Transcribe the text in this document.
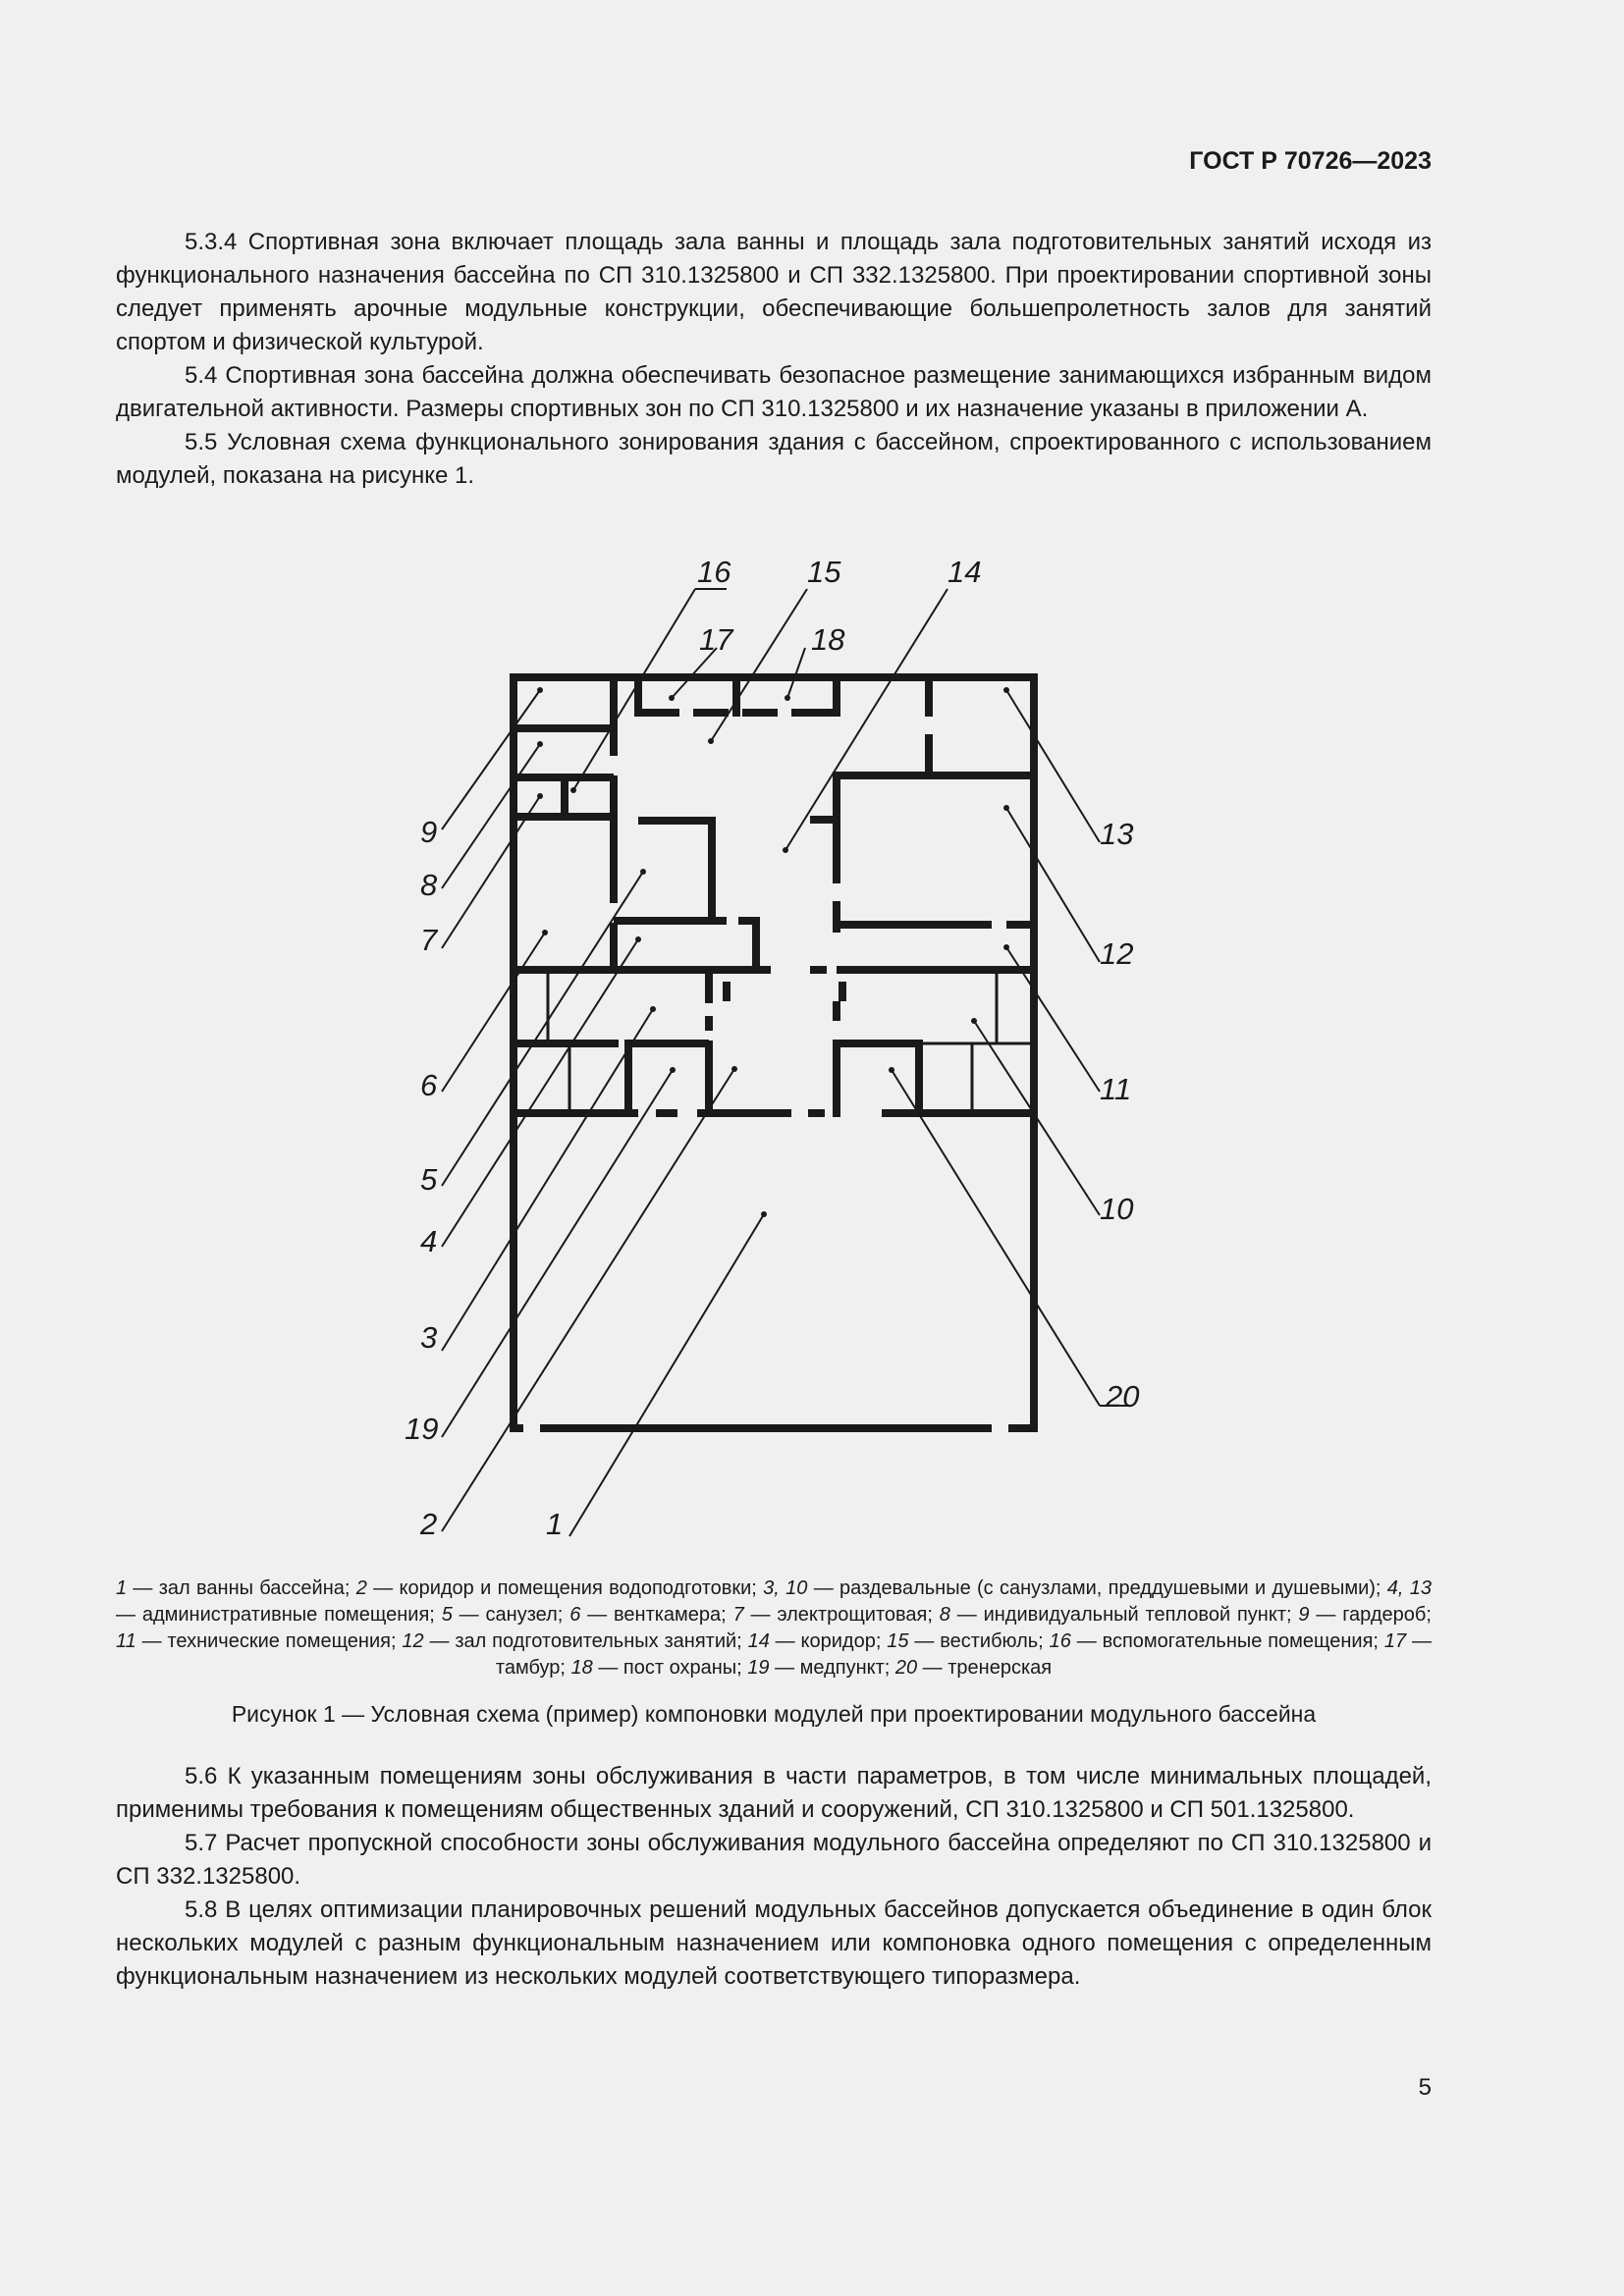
ГОСТ Р 70726—2023

5.3.4 Спортивная зона включает площадь зала ванны и площадь зала подготовительных занятий исходя из функционального назначения бассейна по СП 310.1325800 и СП 332.1325800. При проектировании спортивной зоны следует применять арочные модульные конструкции, обеспечивающие большепролетность залов для занятий спортом и физической культурой.

5.4 Спортивная зона бассейна должна обеспечивать безопасное размещение занимающихся избранным видом двигательной активности. Размеры спортивных зон по СП 310.1325800 и их назначение указаны в приложении А.

5.5 Условная схема функционального зонирования здания с бассейном, спроектированного с использованием модулей, показана на рисунке 1.

1
2
3
4
5
6
7
8
9
10
11
12
13
14
15
16
17	18
19
20
1 — зал ванны бассейна; 2 — коридор и помещения водоподготовки; 3, 10 — раздевальные (с санузлами, преддушевыми и душевыми); 4, 13 — административные помещения; 5 — санузел; 6 — венткамера; 7 — электрощитовая; 8 — индивидуальный тепловой пункт; 9 — гардероб; 11 — технические помещения; 12 — зал подготовительных занятий; 14 — коридор; 15 — вестибюль; 16 — вспомогательные помещения; 17 — тамбур; 18 — пост охраны; 19 — медпункт; 20 — тренерская
Рисунок 1 — Условная схема (пример) компоновки модулей при проектировании модульного бассейна

5.6 К указанным помещениям зоны обслуживания в части параметров, в том числе минимальных площадей, применимы требования к помещениям общественных зданий и сооружений, СП 310.1325800 и СП 501.1325800.

5.7 Расчет пропускной способности зоны обслуживания модульного бассейна определяют по СП 310.1325800 и СП 332.1325800.

5.8 В целях оптимизации планировочных решений модульных бассейнов допускается объединение в один блок нескольких модулей с разным функциональным назначением или компоновка одного помещения с определенным функциональным назначением из нескольких модулей соответствующего типоразмера.

5
